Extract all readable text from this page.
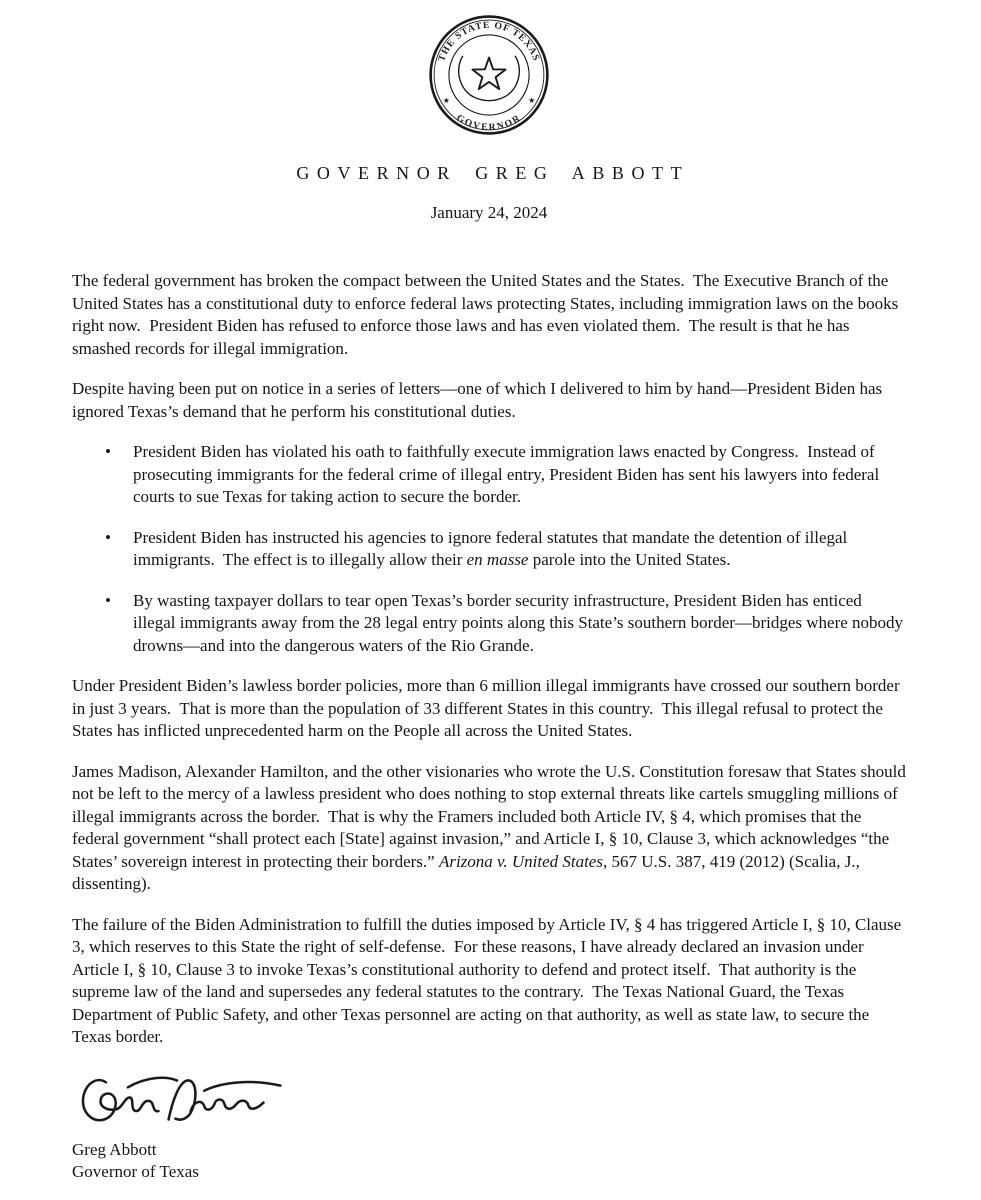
THE STATE OF TEXAS
GOVERNOR
★	★
GOVERNOR GREG ABBOTT
January 24, 2024

The federal government has broken the compact between the United States and the States.  The Executive Branch of the United States has a constitutional duty to enforce federal laws protecting States, including immigration laws on the books right now.  President Biden has refused to enforce those laws and has even violated them.  The result is that he has smashed records for illegal immigration.

Despite having been put on notice in a series of letters—one of which I delivered to him by hand—President Biden has ignored Texas’s demand that he perform his constitutional duties.

•	President Biden has violated his oath to faithfully execute immigration laws enacted by Congress.  Instead of prosecuting immigrants for the federal crime of illegal entry, President Biden has sent his lawyers into federal courts to sue Texas for taking action to secure the border.
•	President Biden has instructed his agencies to ignore federal statutes that mandate the detention of illegal immigrants.  The effect is to illegally allow their en masse parole into the United States.
•	By wasting taxpayer dollars to tear open Texas’s border security infrastructure, President Biden has enticed illegal immigrants away from the 28 legal entry points along this State’s southern border—bridges where nobody drowns—and into the dangerous waters of the Rio Grande.

Under President Biden’s lawless border policies, more than 6 million illegal immigrants have crossed our southern border in just 3 years.  That is more than the population of 33 different States in this country.  This illegal refusal to protect the States has inflicted unprecedented harm on the People all across the United States.

James Madison, Alexander Hamilton, and the other visionaries who wrote the U.S. Constitution foresaw that States should not be left to the mercy of a lawless president who does nothing to stop external threats like cartels smuggling millions of illegal immigrants across the border.  That is why the Framers included both Article IV, § 4, which promises that the federal government “shall protect each [State] against invasion,” and Article I, § 10, Clause 3, which acknowledges “the States’ sovereign interest in protecting their borders.” Arizona v. United States, 567 U.S. 387, 419 (2012) (Scalia, J., dissenting).

The failure of the Biden Administration to fulfill the duties imposed by Article IV, § 4 has triggered Article I, § 10, Clause 3, which reserves to this State the right of self-defense.  For these reasons, I have already declared an invasion under Article I, § 10, Clause 3 to invoke Texas’s constitutional authority to defend and protect itself.  That authority is the supreme law of the land and supersedes any federal statutes to the contrary.  The Texas National Guard, the Texas Department of Public Safety, and other Texas personnel are acting on that authority, as well as state law, to secure the Texas border.

Greg Abbott
Governor of Texas
